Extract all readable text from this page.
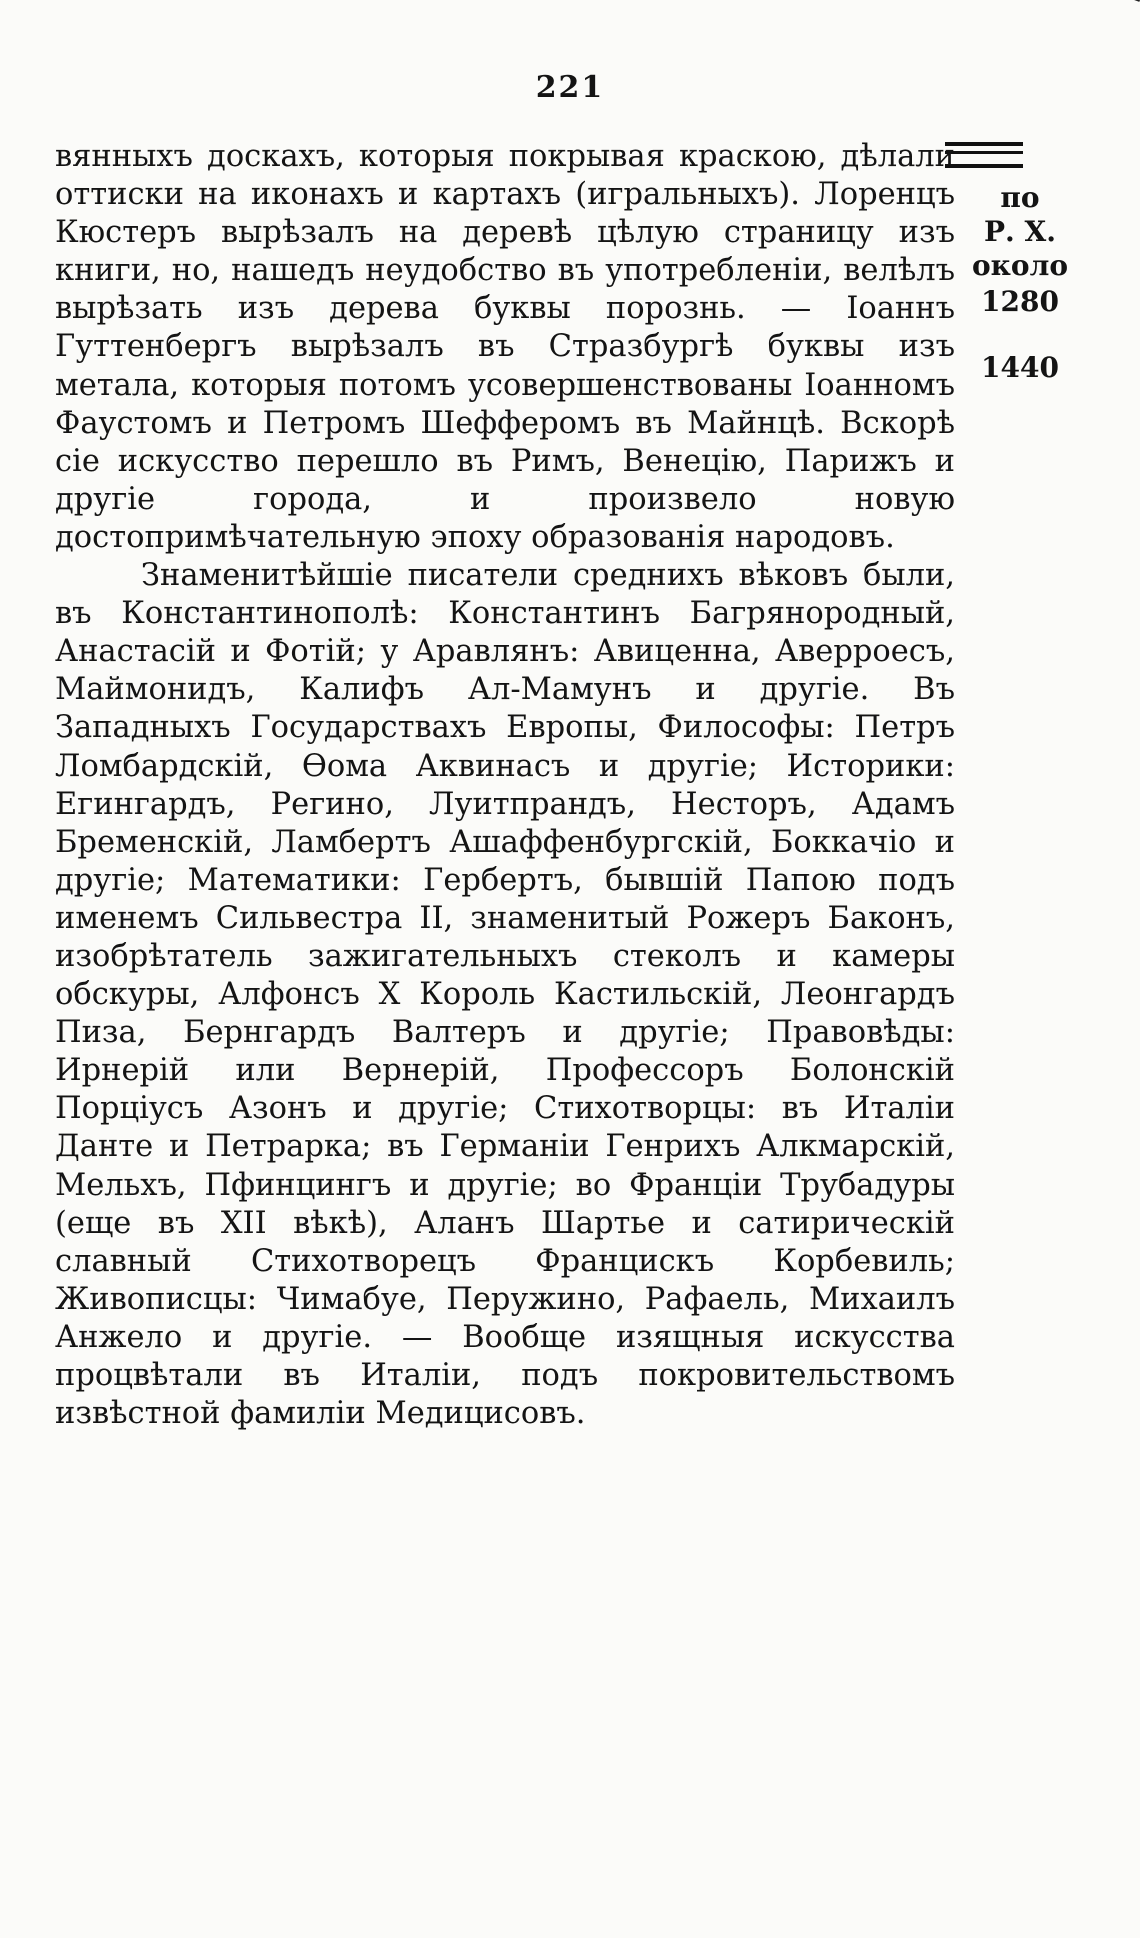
221
по
Р. Х.
около
1280
1440

вянныхъ доскахъ, которыя покрывая краскою, дѣлали оттиски на иконахъ и картахъ (игральныхъ). Лоренцъ Кюстеръ вырѣзалъ на деревѣ цѣлую страницу изъ книги, но, нашедъ неудобство въ употребленіи, велѣлъ вырѣзать изъ дерева буквы порознь. — Іоаннъ Гуттенбергъ вырѣзалъ въ Стразбургѣ буквы изъ метала, которыя потомъ усовершенствованы Іоанномъ Фаустомъ и Петромъ Шефферомъ въ Майнцѣ. Вскорѣ сіе искусство перешло въ Римъ, Венецію, Парижъ и другіе города, и произвело новую достопримѣчательную эпоху образованія народовъ.

Знаменитѣйшіе писатели среднихъ вѣковъ были, въ Константинополѣ: Константинъ Багрянородный, Анастасій и Фотій; у Аравлянъ: Авиценна, Аверроесъ, Маймонидъ, Калифъ Ал-Мамунъ и другіе. Въ Западныхъ Государствахъ Европы, Философы: Петръ Ломбардскій, Ѳома Аквинасъ и другіе; Историки: Егингардъ, Регино, Луитпрандъ, Несторъ, Адамъ Бременскій, Ламбертъ Ашаффенбургскій, Боккачіо и другіе; Математики: Гербертъ, бывшій Папою подъ именемъ Сильвестра II, знаменитый Рожеръ Баконъ, изобрѣтатель зажигательныхъ стеколъ и камеры обскуры, Алфонсъ X Король Кастильскій, Леонгардъ Пиза, Бернгардъ Валтеръ и другіе; Правовѣды: Ирнерій или Вернерій, Профессоръ Болонскій Порціусъ Азонъ и другіе; Стихотворцы: въ Италіи Данте и Петрарка; въ Германіи Генрихъ Алкмарскій, Мельхъ, Пфинцингъ и другіе; во Франціи Трубадуры (еще въ XII вѣкѣ), Аланъ Шартье и сатирическій славный Стихотворецъ Францискъ Корбевиль; Живописцы: Чимабуе, Перужино, Рафаель, Михаилъ Анжело и другіе. — Вообще изящныя искусства процвѣтали въ Италіи, подъ покровительствомъ извѣстной фамиліи Медицисовъ.
